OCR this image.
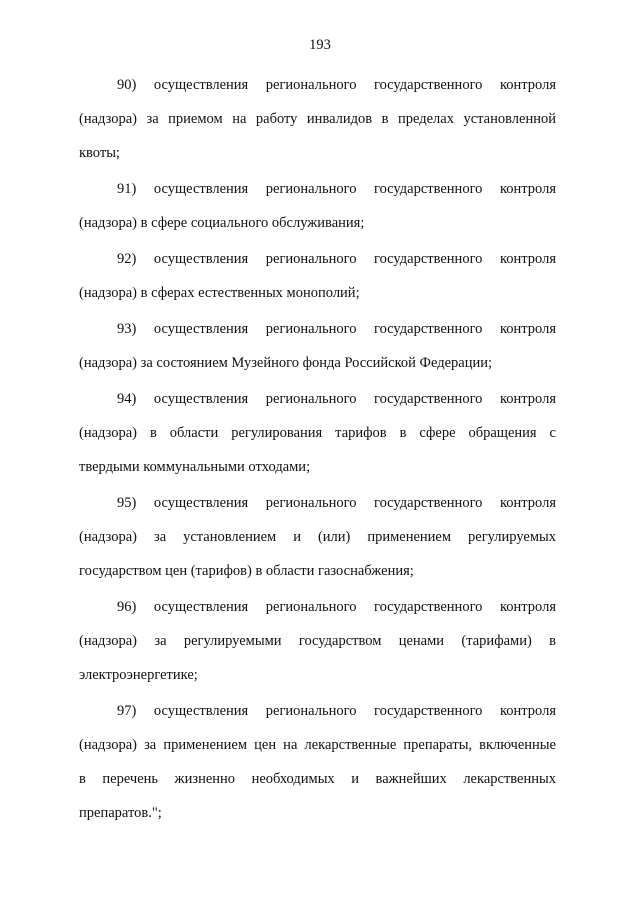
193

90) осуществления регионального государственного контроля
(надзора) за приемом на работу инвалидов в пределах установленной
квоты;

91) осуществления регионального государственного контроля
(надзора) в сфере социального обслуживания;

92) осуществления регионального государственного контроля
(надзора) в сферах естественных монополий;

93) осуществления регионального государственного контроля
(надзора) за состоянием Музейного фонда Российской Федерации;

94) осуществления регионального государственного контроля
(надзора) в области регулирования тарифов в сфере обращения с
твердыми коммунальными отходами;

95) осуществления регионального государственного контроля
(надзора) за установлением и (или) применением регулируемых
государством цен (тарифов) в области газоснабжения;

96) осуществления регионального государственного контроля
(надзора) за регулируемыми государством ценами (тарифами) в
электроэнергетике;

97) осуществления регионального государственного контроля
(надзора) за применением цен на лекарственные препараты, включенные
в перечень жизненно необходимых и важнейших лекарственных
препаратов.";
